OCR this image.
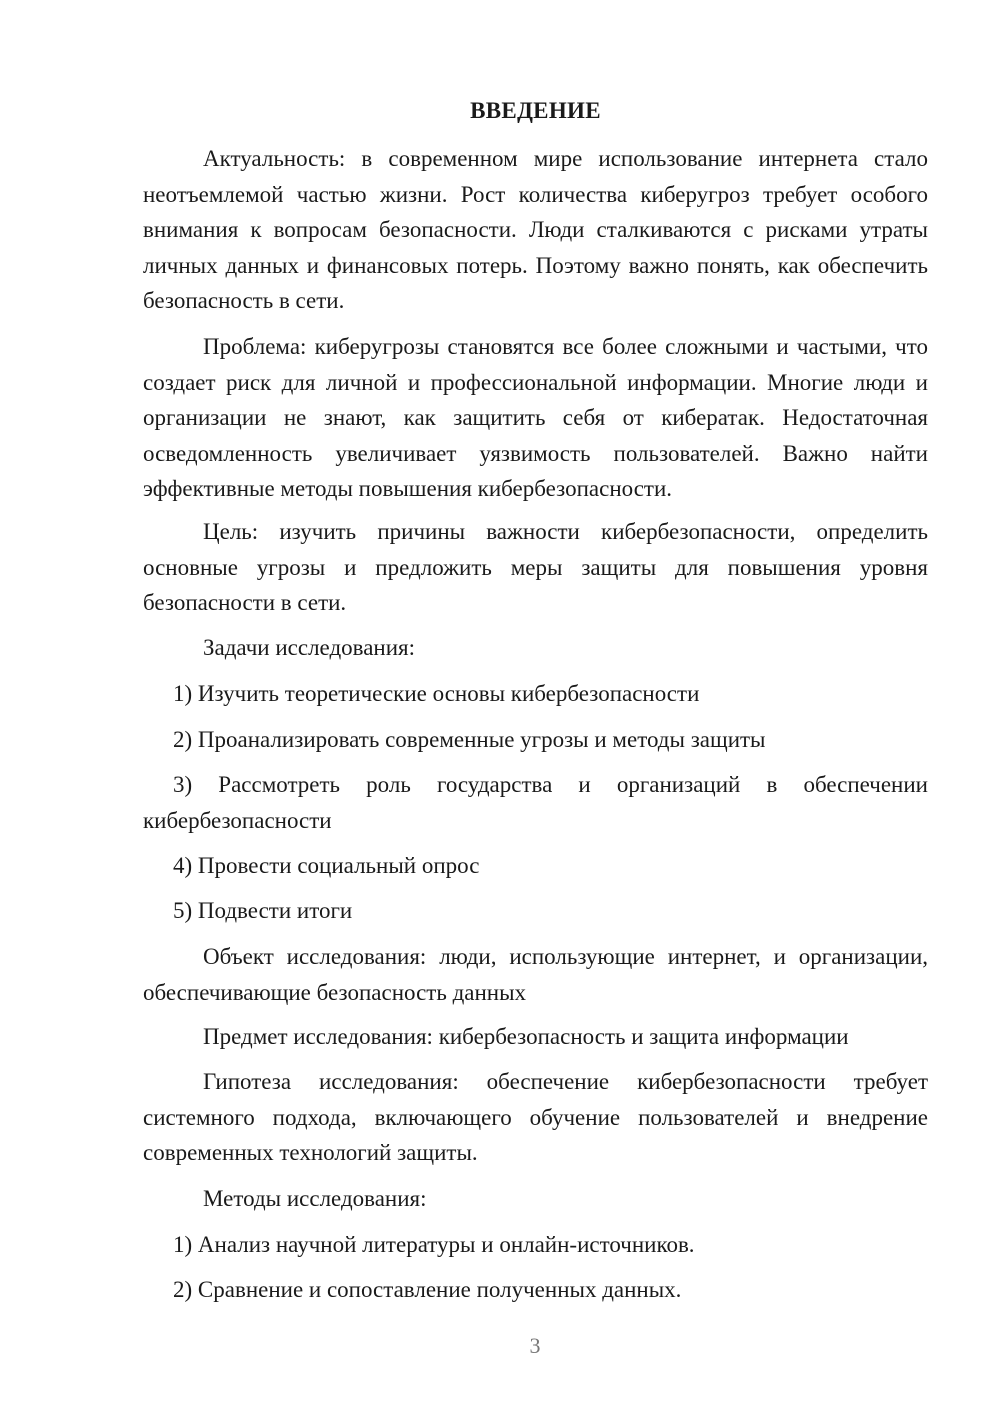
ВВЕДЕНИЕ
Актуальность: в современном мире использование интернета стало неотъемлемой частью жизни. Рост количества киберугроз требует особого внимания к вопросам безопасности. Люди сталкиваются с рисками утраты личных данных и финансовых потерь. Поэтому важно понять, как обеспечить безопасность в сети.
Проблема: киберугрозы становятся все более сложными и частыми, что создает риск для личной и профессиональной информации. Многие люди и организации не знают, как защитить себя от кибератак. Недостаточная осведомленность увеличивает уязвимость пользователей. Важно найти эффективные методы повышения кибербезопасности.
Цель: изучить причины важности кибербезопасности, определить основные угрозы и предложить меры защиты для повышения уровня безопасности в сети.
Задачи исследования:
1) Изучить теоретические основы кибербезопасности
2) Проанализировать современные угрозы и методы защиты
3) Рассмотреть роль государства и организаций в обеспечении кибербезопасности
4) Провести социальный опрос
5) Подвести итоги
Объект исследования: люди, использующие интернет, и организации, обеспечивающие безопасность данных
Предмет исследования: кибербезопасность и защита информации
Гипотеза исследования: обеспечение кибербезопасности требует системного подхода, включающего обучение пользователей и внедрение современных технологий защиты.
Методы исследования:
1) Анализ научной литературы и онлайн-источников.
2) Сравнение и сопоставление полученных данных.
3
